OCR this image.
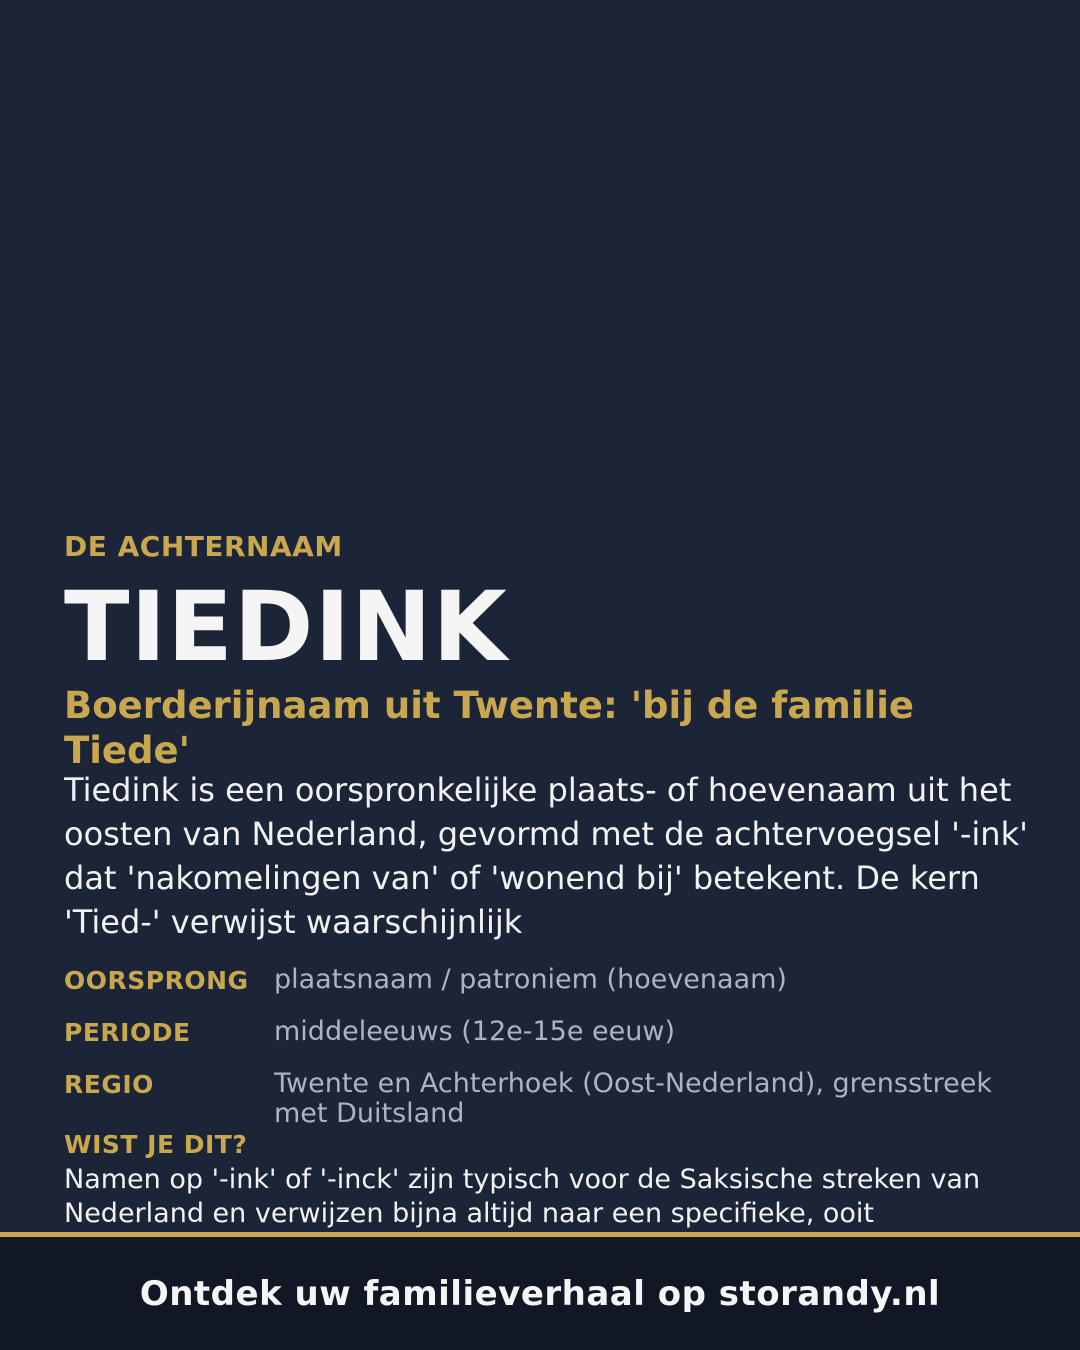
DE ACHTERNAAM
TIEDINK
Boerderijnaam uit Twente: 'bij de familie Tiede'
Tiedink is een oorspronkelijke plaats- of hoevenaam uit het oosten van Nederland, gevormd met de achtervoegsel '-ink' dat 'nakomelingen van' of 'wonend bij' betekent. De kern 'Tied-' verwijst waarschijnlijk
OORSPRONG plaatsnaam / patroniem (hoevenaam)
PERIODE	middeleeuws (12e-15e eeuw)
REGIO	Twente en Achterhoek (Oost-Nederland), grensstreek met Duitsland
WIST JE DIT?
Namen op '-ink' of '-inck' zijn typisch voor de Saksische streken van Nederland en verwijzen bijna altijd naar een specifieke, ooit
Ontdek uw familieverhaal op storandy.nl
